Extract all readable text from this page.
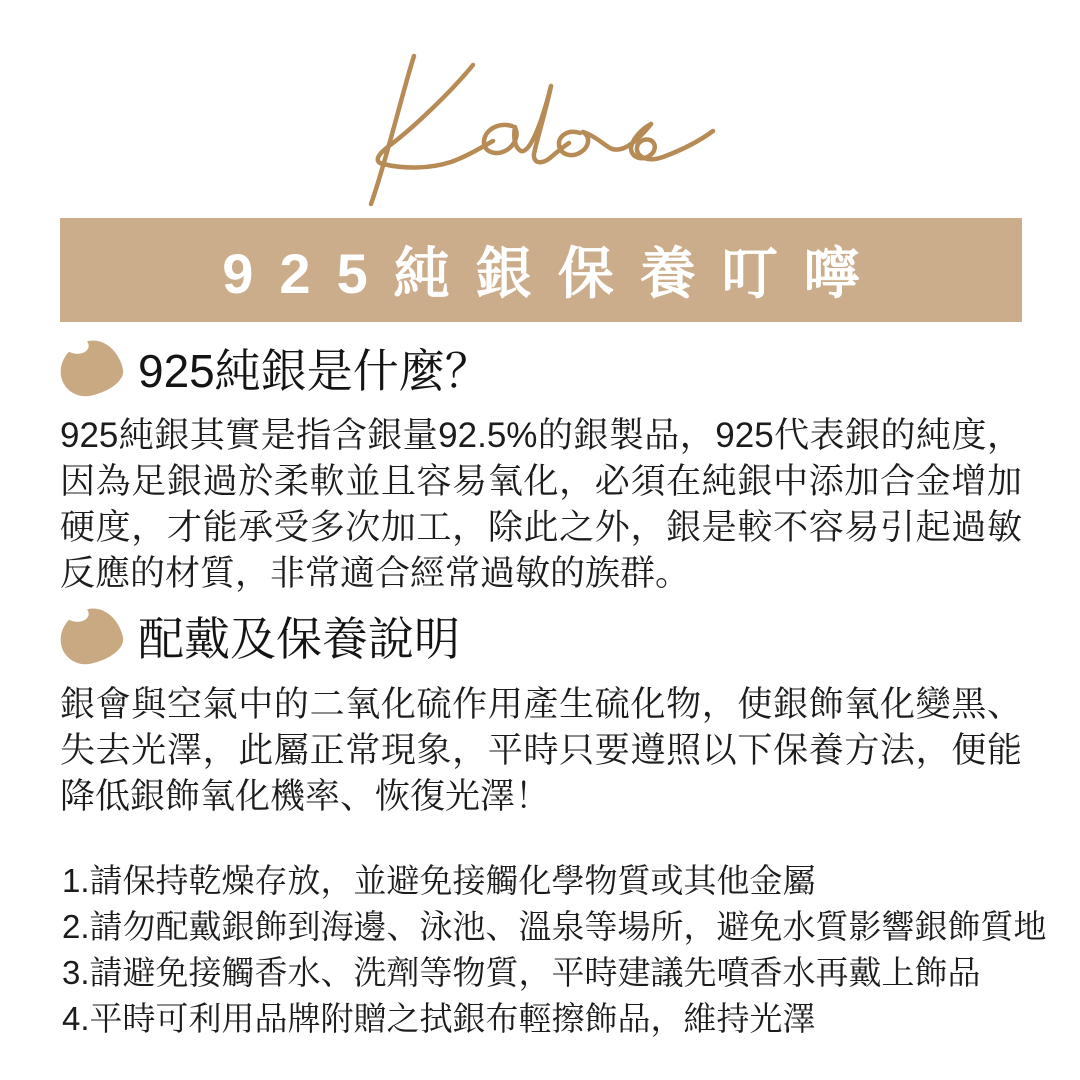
925純銀保養叮嚀
925純銀是什麼？

925純銀其實是指含銀量92.5%的銀製品，925代表銀的純度， 因為足銀過於柔軟並且容易氧化，必須在純銀中添加合金增加硬度，才能承受多次加工，除此之外，銀是較不容易引起過敏反應的材質，非常適合經常過敏的族群。

配戴及保養說明

銀會與空氣中的二氧化硫作用產生硫化物，使銀飾氧化變黑、失去光澤，此屬正常現象，平時只要遵照以下保養方法，便能降低銀飾氧化機率、恢復光澤！

1.請保持乾燥存放，並避免接觸化學物質或其他金屬
2.請勿配戴銀飾到海邊、泳池、溫泉等場所，避免水質影響銀飾質地
3.請避免接觸香水、洗劑等物質，平時建議先噴香水再戴上飾品
4.平時可利用品牌附贈之拭銀布輕擦飾品，維持光澤
